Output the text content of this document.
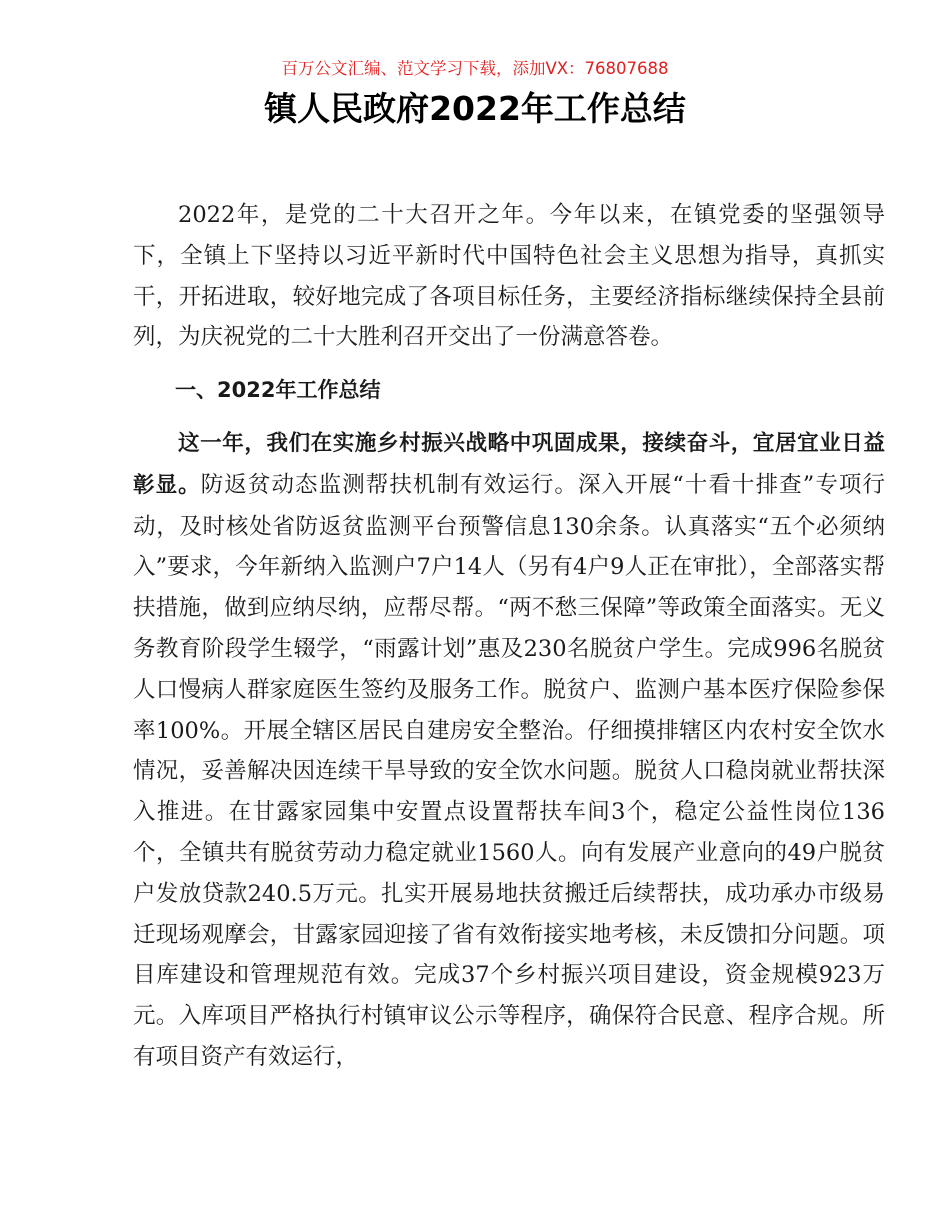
百万公文汇编、范文学习下载，添加VX：76807688
镇人民政府2022年工作总结

2022年，是党的二十大召开之年。今年以来，在镇党委的坚强领导下，全镇上下坚持以习近平新时代中国特色社会主义思想为指导，真抓实干，开拓进取，较好地完成了各项目标任务，主要经济指标继续保持全县前列，为庆祝党的二十大胜利召开交出了一份满意答卷。

一、2022年工作总结

这一年，我们在实施乡村振兴战略中巩固成果，接续奋斗，宜居宜业日益彰显。防返贫动态监测帮扶机制有效运行。深入开展“十看十排查”专项行动，及时核处省防返贫监测平台预警信息130余条。认真落实“五个必须纳入”要求，今年新纳入监测户7户14人（另有4户9人正在审批），全部落实帮扶措施，做到应纳尽纳，应帮尽帮。“两不愁三保障”等政策全面落实。无义务教育阶段学生辍学，“雨露计划”惠及230名脱贫户学生。完成996名脱贫人口慢病人群家庭医生签约及服务工作。脱贫户、监测户基本医疗保险参保率100%。开展全辖区居民自建房安全整治。仔细摸排辖区内农村安全饮水情况，妥善解决因连续干旱导致的安全饮水问题。脱贫人口稳岗就业帮扶深入推进。在甘露家园集中安置点设置帮扶车间3个，稳定公益性岗位136个，全镇共有脱贫劳动力稳定就业1560人。向有发展产业意向的49户脱贫户发放贷款240.5万元。扎实开展易地扶贫搬迁后续帮扶，成功承办市级易迁现场观摩会，甘露家园迎接了省有效衔接实地考核，未反馈扣分问题。项目库建设和管理规范有效。完成37个乡村振兴项目建设，资金规模923万元。入库项目严格执行村镇审议公示等程序，确保符合民意、程序合规。所有项目资产有效运行，
